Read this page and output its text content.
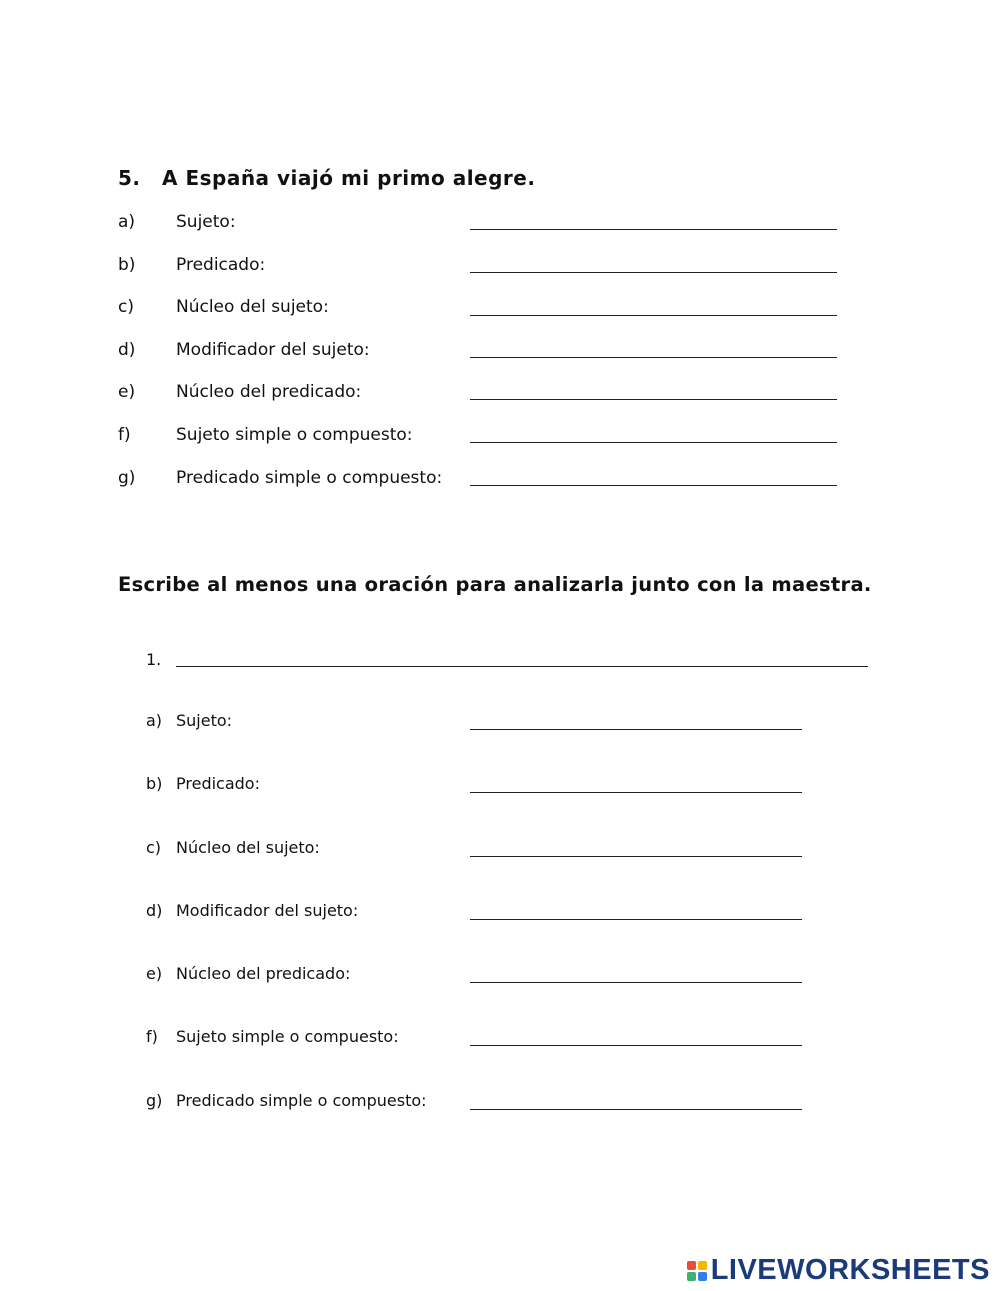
5. A España viajó mi primo alegre.
a) Sujeto:
b) Predicado:
c) Núcleo del sujeto:
d) Modificador del sujeto:
e) Núcleo del predicado:
f)	Sujeto simple o compuesto:
g) Predicado simple o compuesto:
Escribe al menos una oración para analizarla junto con la maestra.
1.
a) Sujeto:
b) Predicado:
c) Núcleo del sujeto:
d) Modificador del sujeto:
e) Núcleo del predicado:
f) Sujeto simple o compuesto:
g) Predicado simple o compuesto:
LIVEWORKSHEETS
